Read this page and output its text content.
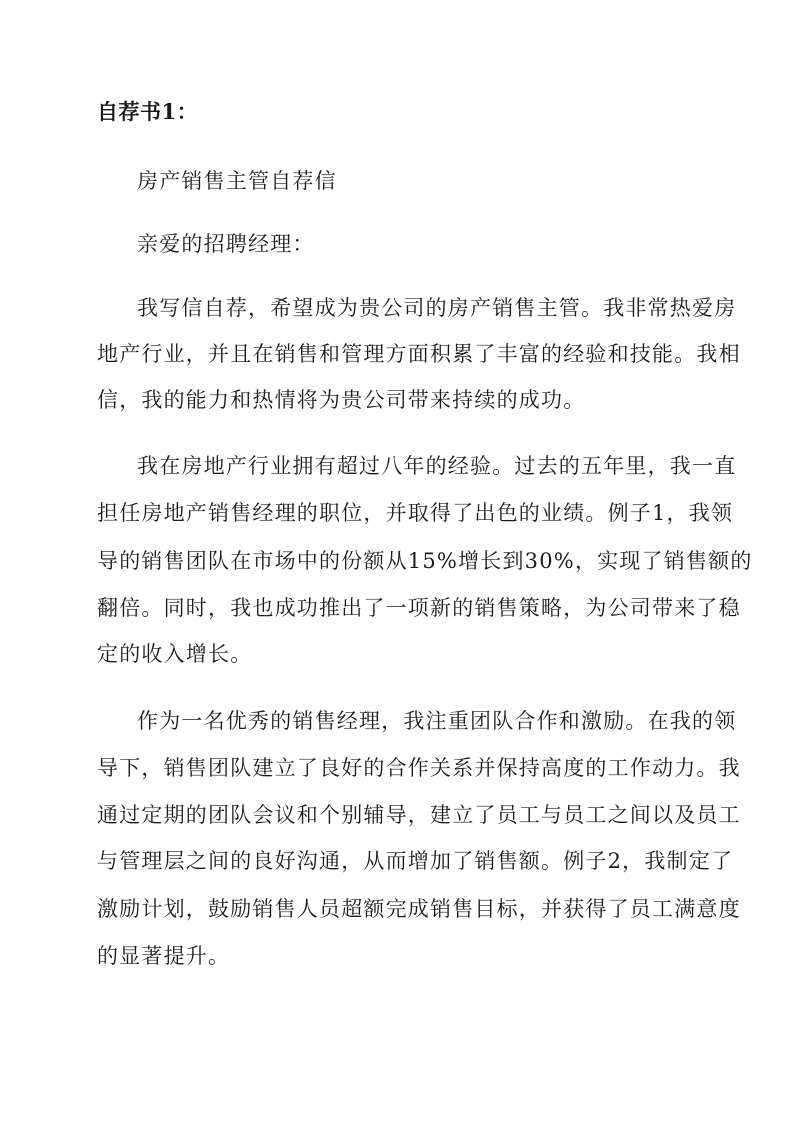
自荐书1：
房产销售主管自荐信
亲爱的招聘经理：
我写信自荐，希望成为贵公司的房产销售主管。我非常热爱房
地产行业，并且在销售和管理方面积累了丰富的经验和技能。我相
信，我的能力和热情将为贵公司带来持续的成功。
我在房地产行业拥有超过八年的经验。过去的五年里，我一直
担任房地产销售经理的职位，并取得了出色的业绩。例子1，我领
导的销售团队在市场中的份额从15%增长到30%，实现了销售额的
翻倍。同时，我也成功推出了一项新的销售策略，为公司带来了稳
定的收入增长。
作为一名优秀的销售经理，我注重团队合作和激励。在我的领
导下，销售团队建立了良好的合作关系并保持高度的工作动力。我
通过定期的团队会议和个别辅导，建立了员工与员工之间以及员工
与管理层之间的良好沟通，从而增加了销售额。例子2，我制定了
激励计划，鼓励销售人员超额完成销售目标，并获得了员工满意度
的显著提升。
